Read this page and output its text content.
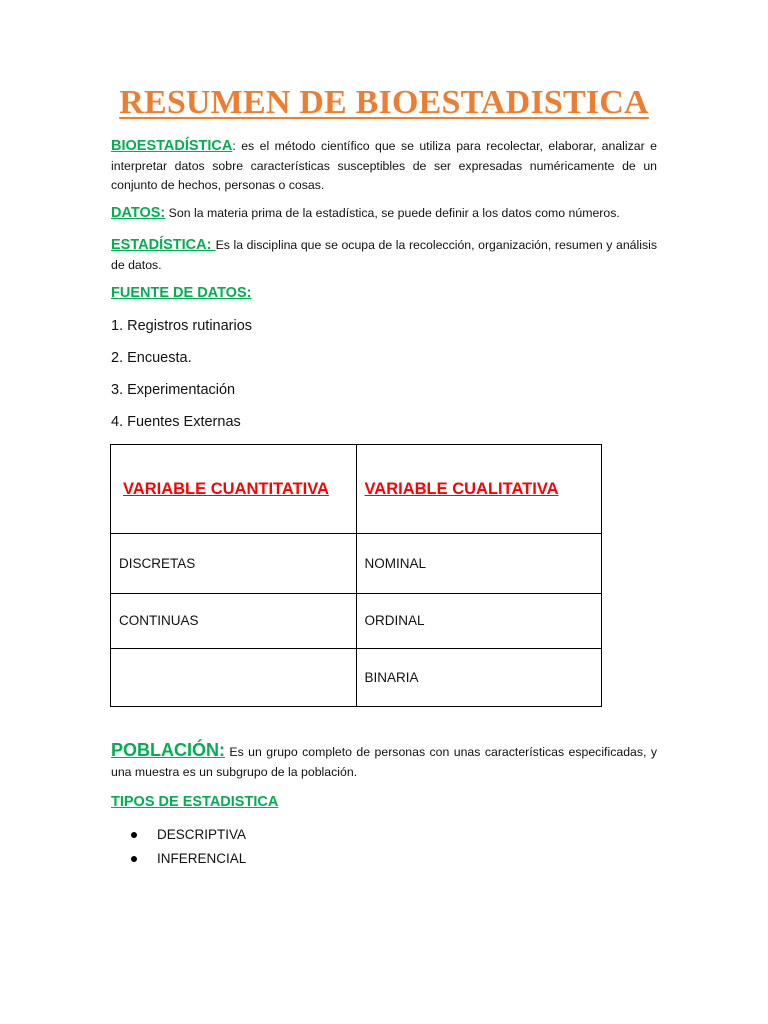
RESUMEN DE BIOESTADISTICA
BIOESTADÍSTICA: es el método científico que se utiliza para recolectar, elaborar, analizar e interpretar datos sobre características susceptibles de ser expresadas numéricamente de un conjunto de hechos, personas o cosas.
DATOS: Son la materia prima de la estadística, se puede definir a los datos como números.
ESTADÍSTICA: Es la disciplina que se ocupa de la recolección, organización, resumen y análisis de datos.
FUENTE DE DATOS:
1. Registros rutinarios
2. Encuesta.
3. Experimentación
4. Fuentes Externas
VARIABLE CUANTITATIVA	VARIABLE CUALITATIVA
DISCRETAS	NOMINAL
CONTINUAS	ORDINAL
	BINARIA
POBLACIÓN: Es un grupo completo de personas con unas características especificadas, y una muestra es un subgrupo de la población.
TIPOS DE ESTADISTICA
DESCRIPTIVA
INFERENCIAL
